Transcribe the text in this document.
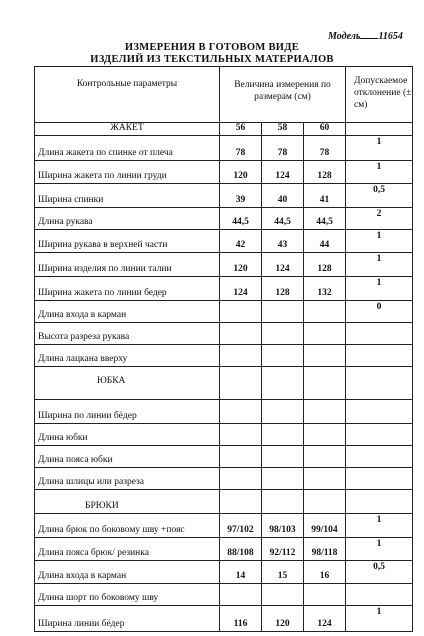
Модель 11654
ИЗМЕРЕНИЯ В ГОТОВОМ ВИДЕ
ИЗДЕЛИЙ ИЗ ТЕКСТИЛЬНЫХ МАТЕРИАЛОВ
Контрольные параметры	Величина измерения по размерам (см)			Допускаемое отклонение (± см)
ЖАКЕТ	56	58	60	
Длина жакета по спинке от плеча	78	78	78	1
Ширина жакета по линии груди	120	124	128	1
Ширина спинки	39	40	41	0,5
Длина рукава	44,5	44,5	44,5	2
Ширина рукава в верхней части	42	43	44	1
Ширина изделия по линии талии	120	124	128	1
Ширина жакета по линии бедер	124	128	132	1
Длина входа в карман				0
Высота разреза рукава				
Длина лацкана вверху				
ЮБКА				
Ширина по линии бёдер				
Длина юбки				
Длина пояса юбки				
Длина шлицы или разреза				
БРЮКИ				
Длина брюк по боковому шву +пояс	97/102	98/103	99/104	1
Длина пояса брюк/ резинка	88/108	92/112	98/118	1
Длина входа в карман	14	15	16	0,5
Длина шорт по боковому шву				
Ширина линии бёдер	116	120	124	1
